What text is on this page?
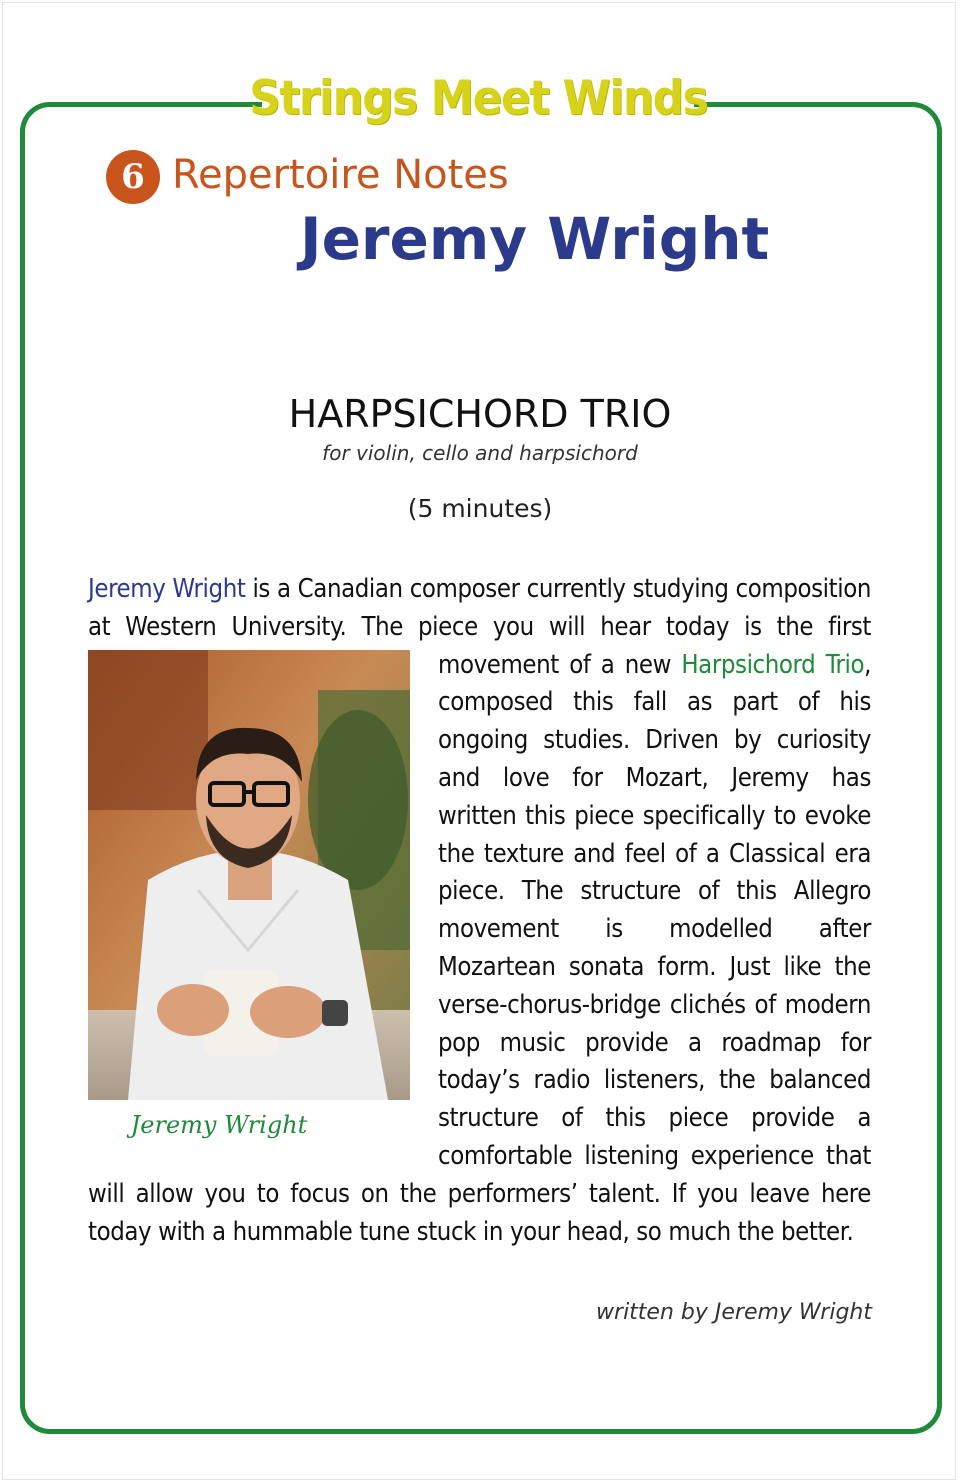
Strings Meet Winds
6 Repertoire Notes
Jeremy Wright
HARPSICHORD TRIO
for violin, cello and harpsichord
(5 minutes)
Jeremy Wright
Jeremy Wright is a Canadian composer currently studying composition at Western University. The piece you will hear today is the first movement of a new Harpsichord Trio, composed this fall as part of his ongoing studies. Driven by curiosity and love for Mozart, Jeremy has written this piece specifically to evoke the texture and feel of a Classical era piece. The structure of this Allegro movement is modelled after Mozartean sonata form. Just like the verse-chorus-bridge clichés of modern pop music provide a roadmap for today’s radio listeners, the balanced structure of this piece provide a comfortable listening experience that will allow you to focus on the performers’ talent. If you leave here today with a hummable tune stuck in your head, so much the better.
written by Jeremy Wright
